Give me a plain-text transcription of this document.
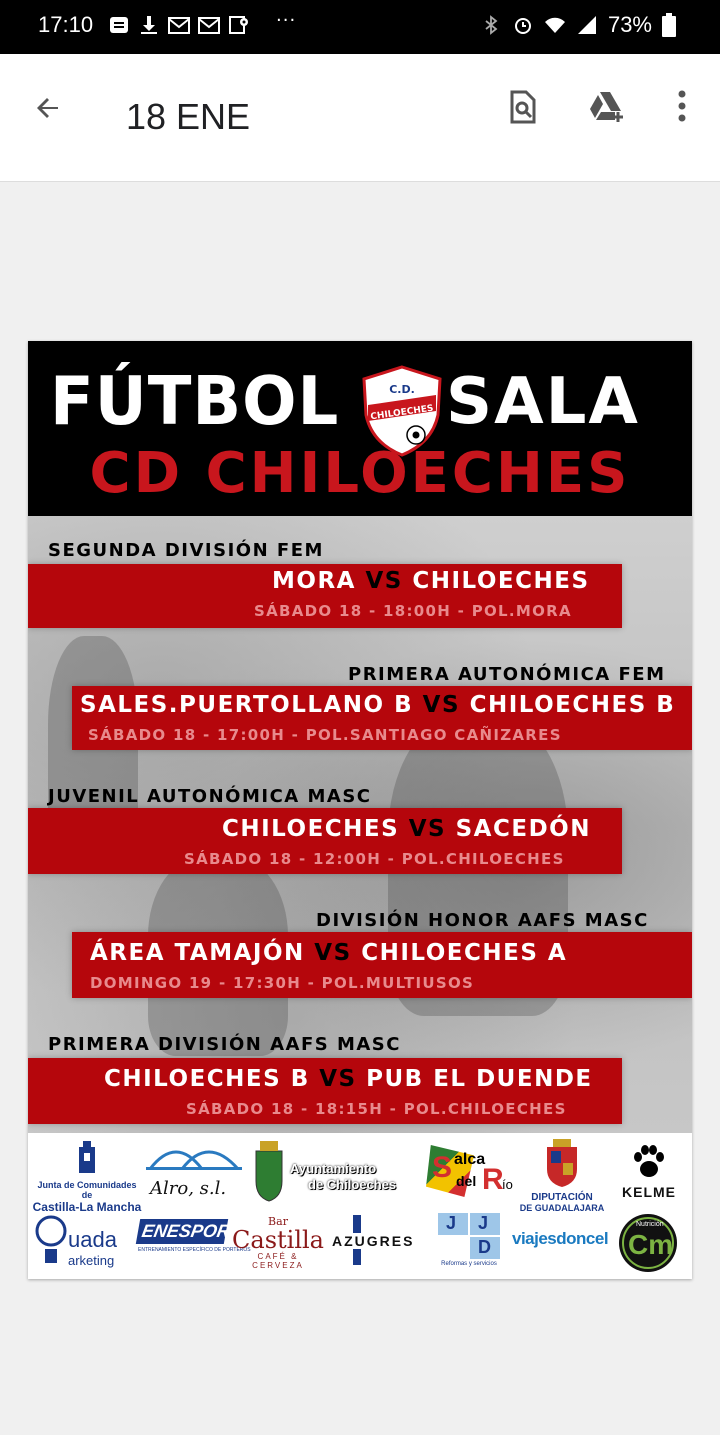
17:10	···	73%
18 ENE
FÚTBOL	C.D.
CHILOECHES SALA
CD CHILOECHES
SEGUNDA DIVISIÓN FEM
MORA VS CHILOECHES
SÁBADO 18 - 18:00H - POL.MORA
PRIMERA AUTONÓMICA FEM
SALES.PUERTOLLANO B VS CHILOECHES B
SÁBADO 18 - 17:00H - POL.SANTIAGO CAÑIZARES
JUVENIL AUTONÓMICA MASC
CHILOECHES VS SACEDÓN
SÁBADO 18 - 12:00H - POL.CHILOECHES
DIVISIÓN HONOR AAFS MASC
ÁREA TAMAJÓN VS CHILOECHES A
DOMINGO 19 - 17:30H - POL.MULTIUSOS
PRIMERA DIVISIÓN AAFS MASC
CHILOECHES B VS PUB EL DUENDE
SÁBADO 18 - 18:15H - POL.CHILOECHES
Junta de Comunidades de
Castilla-La Mancha
Alro, s.l.
Ayuntamiento
de Chiloeches
S alca
del R
ío
DIPUTACIÓN
DE GUADALAJARA
KELME
uada
arketing
ENESPORT
ENTRENAMIENTO ESPECÍFICO DE PORTEROS
Bar
Castilla
CAFÉ & CERVEZA
AZUGRES
J J
D
Reformas y servicios
viajesdoncel
Nutrición
Cm
